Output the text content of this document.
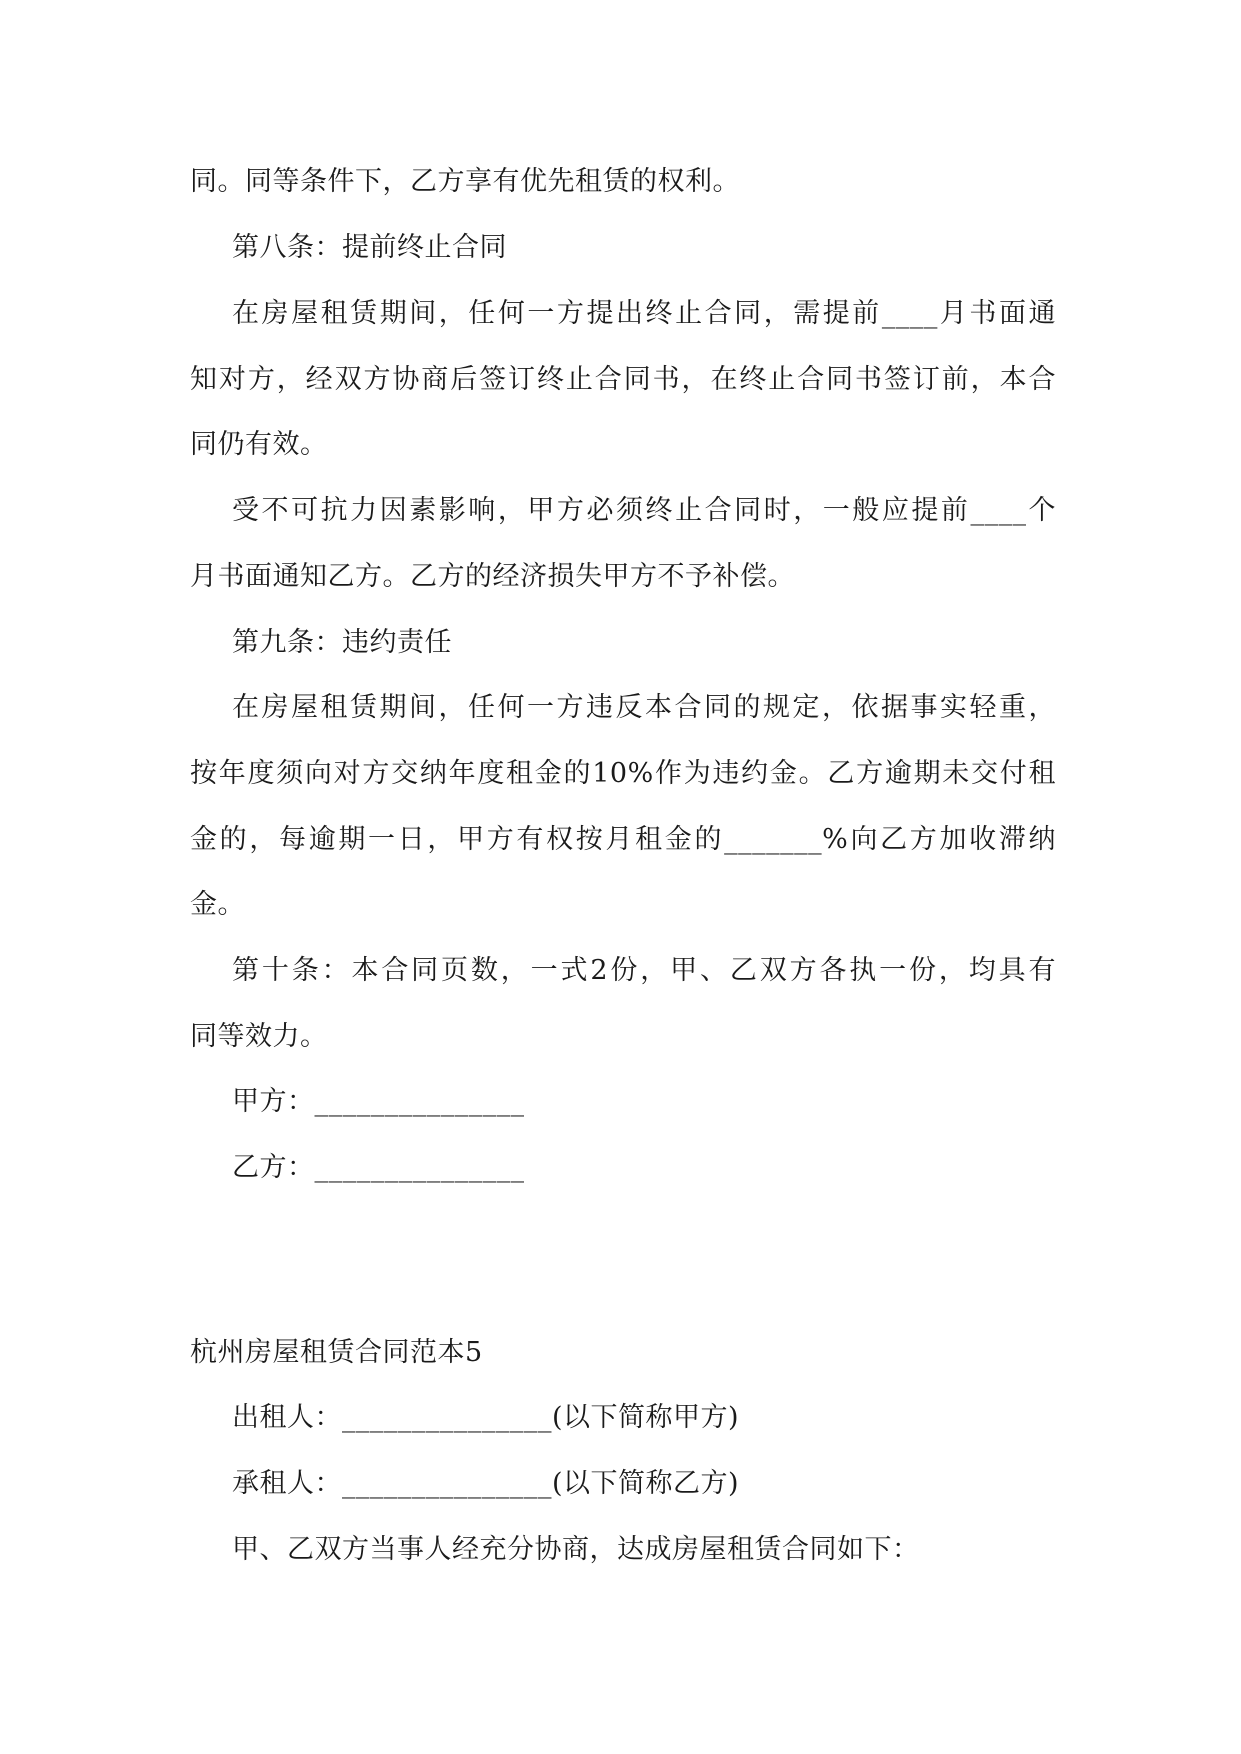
同。同等条件下，乙方享有优先租赁的权利。
第八条：提前终止合同
在房屋租赁期间，任何一方提出终止合同，需提前____月书面通
知对方，经双方协商后签订终止合同书，在终止合同书签订前，本合
同仍有效。
受不可抗力因素影响，甲方必须终止合同时，一般应提前____个
月书面通知乙方。乙方的经济损失甲方不予补偿。
第九条：违约责任
在房屋租赁期间，任何一方违反本合同的规定，依据事实轻重，
按年度须向对方交纳年度租金的10%作为违约金。乙方逾期未交付租
金的，每逾期一日，甲方有权按月租金的_______%向乙方加收滞纳
金。
第十条：本合同页数，一式2份，甲、乙双方各执一份，均具有
同等效力。
甲方：_______________
乙方：_______________
杭州房屋租赁合同范本5
出租人：_______________(以下简称甲方)
承租人：_______________(以下简称乙方)
甲、乙双方当事人经充分协商，达成房屋租赁合同如下：
